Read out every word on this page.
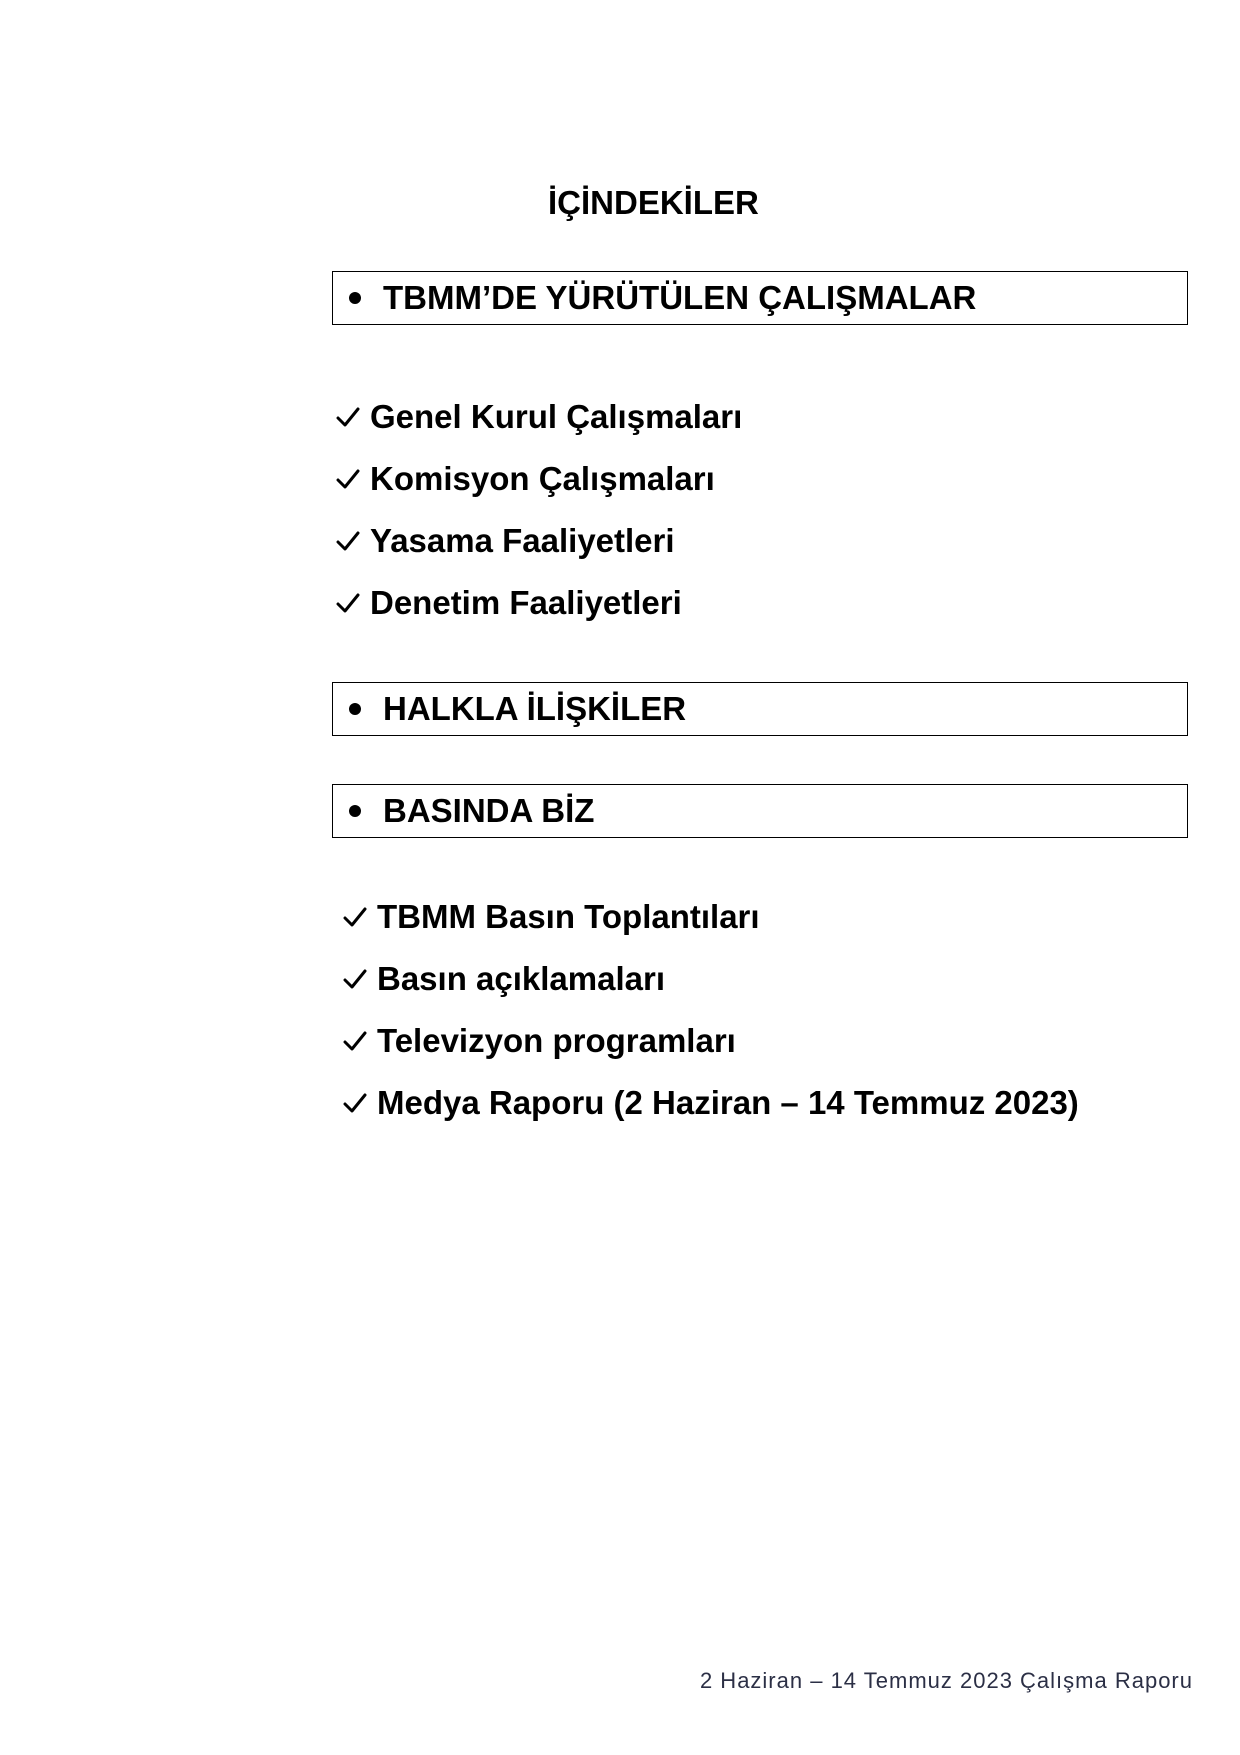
İÇİNDEKİLER
TBMM’DE YÜRÜTÜLEN ÇALIŞMALAR
Genel Kurul Çalışmaları
Komisyon Çalışmaları
Yasama Faaliyetleri
Denetim Faaliyetleri
HALKLA İLİŞKİLER
BASINDA BİZ
TBMM Basın Toplantıları
Basın açıklamaları
Televizyon programları
Medya Raporu (2 Haziran – 14 Temmuz 2023)
2 Haziran – 14 Temmuz 2023 Çalışma Raporu
